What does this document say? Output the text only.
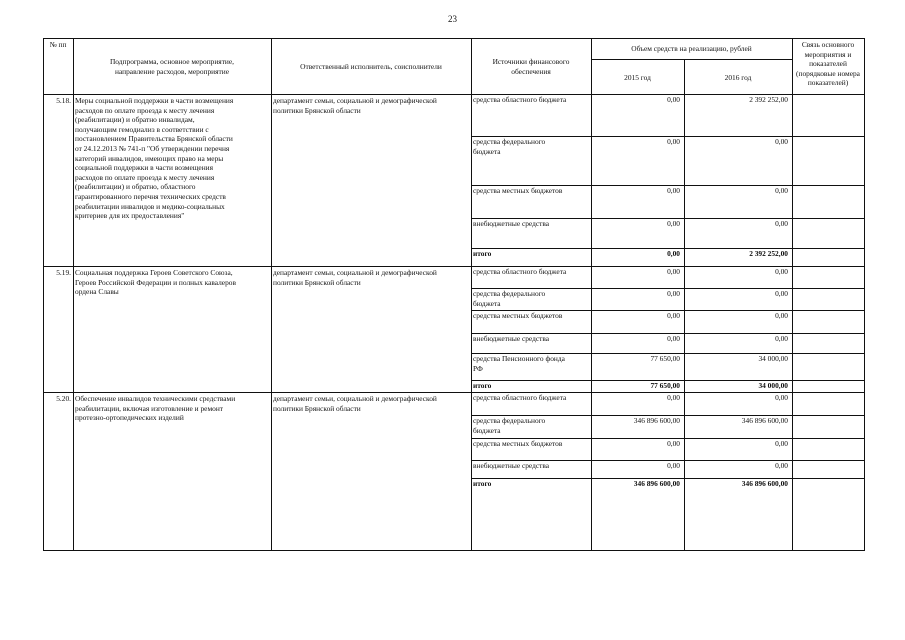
23
№ пп
Подпрограмма, основное мероприятие,
направление расходов, мероприятие
Ответственный исполнитель, соисполнители
Источники финансового
обеспечения
Объем средств на реализацию, рублей
2015 год	2016 год
Связь основного
мероприятия и
показателей
(порядковые номера
показателей)
5.18. Меры социальной поддержки в части возмещения
расходов по оплате проезда к месту лечения
(реабилитации) и обратно инвалидам,
получающим гемодиализ в соответствии с
постановлением Правительства Брянской области
от 24.12.2013 № 741-п "Об утверждении перечня
категорий инвалидов, имеющих право на меры
социальной поддержки в части возмещения
расходов по оплате проезда к месту лечения
(реабилитации) и обратно, областного
гарантированного перечня технических средств
реабилитации инвалидов и медико-социальных
критериев для их предоставления"
департамент семьи, социальной и демографической
политики Брянской области
средства областного бюджета	0,00	2 392 252,00
средства федерального
бюджета
0,00	0,00
средства местных бюджетов	0,00	0,00
внебюджетные средства	0,00	0,00
итого	0,00	2 392 252,00
5.19. Социальная поддержка Героев Советского Союза,
Героев Российской Федерации и полных кавалеров
ордена Славы
департамент семьи, социальной и демографической
политики Брянской области
средства областного бюджета	0,00	0,00
средства федерального
бюджета
0,00	0,00
средства местных бюджетов	0,00	0,00
внебюджетные средства	0,00	0,00
средства Пенсионного фонда
РФ
77 650,00	34 000,00
итого	77 650,00	34 000,00
5.20. Обеспечение инвалидов техническими средствами
реабилитации, включая изготовление и ремонт
протезно-ортопедических изделий
департамент семьи, социальной и демографической
политики Брянской области
средства областного бюджета	0,00	0,00
средства федерального
бюджета
346 896 600,00	346 896 600,00
средства местных бюджетов	0,00	0,00
внебюджетные средства	0,00	0,00
итого	346 896 600,00	346 896 600,00
